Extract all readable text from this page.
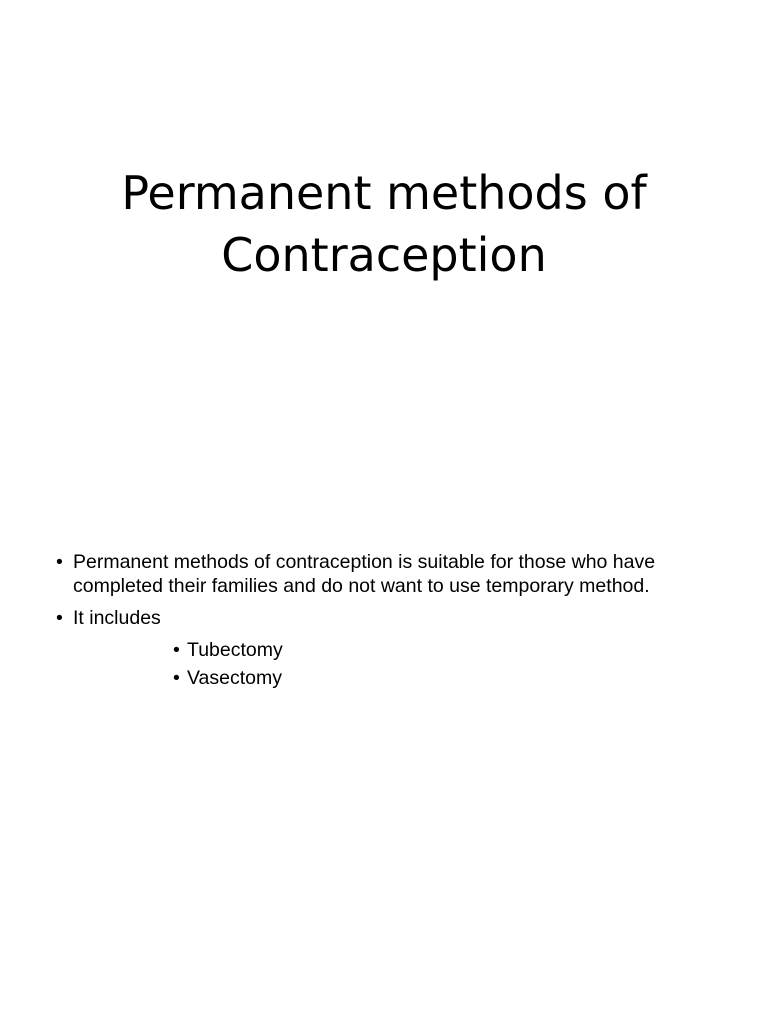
Permanent methods of
Contraception
• Permanent methods of contraception is suitable for those who have
completed their families and do not want to use temporary method.
• It includes
• Tubectomy
• Vasectomy
